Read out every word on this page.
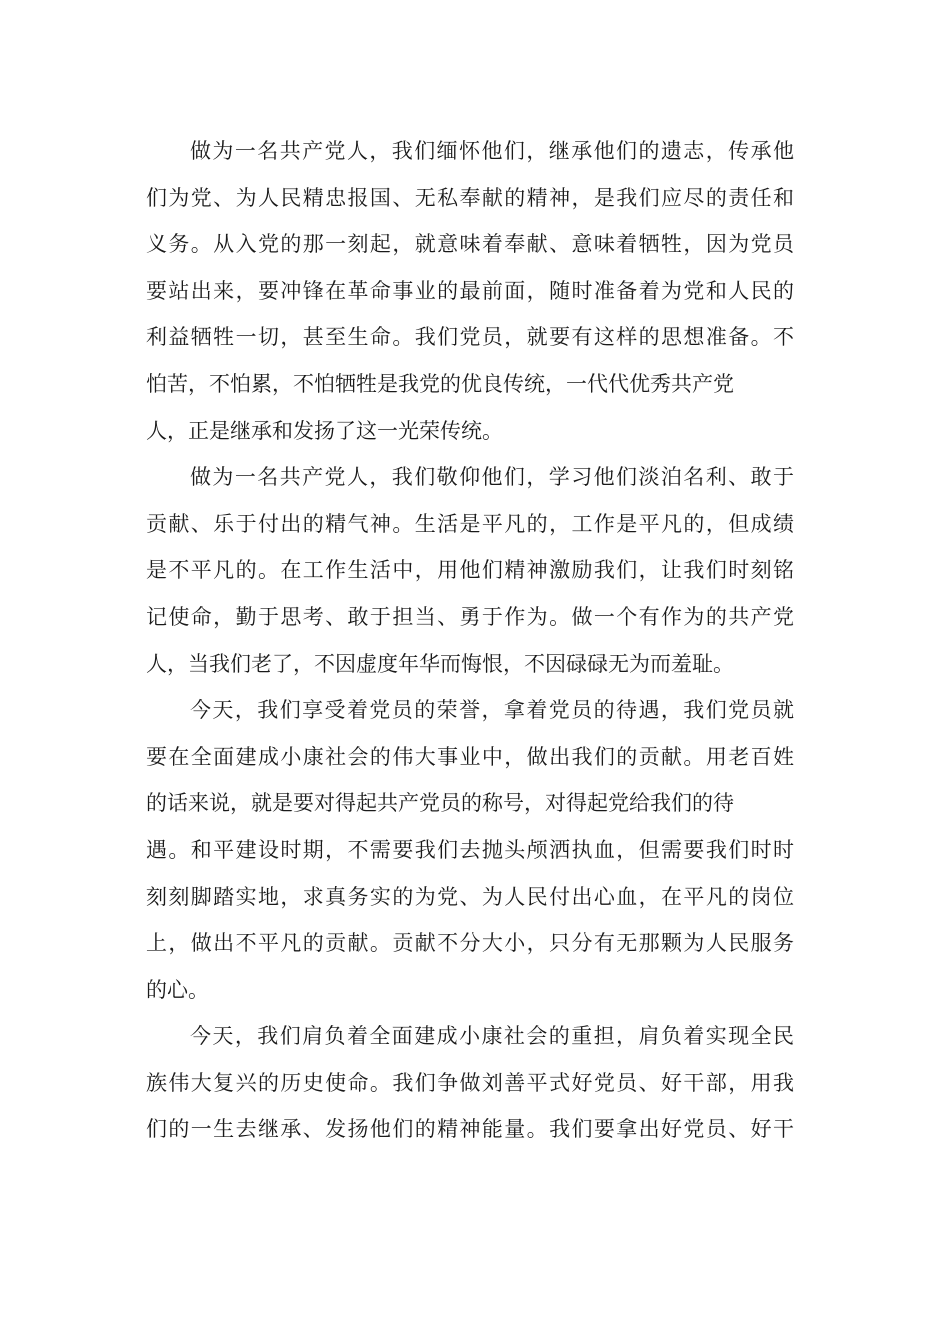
做为一名共产党人，我们缅怀他们，继承他们的遗志，传承他
们为党、为人民精忠报国、无私奉献的精神，是我们应尽的责任和
义务。从入党的那一刻起，就意味着奉献、意味着牺牲，因为党员
要站出来，要冲锋在革命事业的最前面，随时准备着为党和人民的
利益牺牲一切，甚至生命。我们党员，就要有这样的思想准备。不
怕苦，不怕累，不怕牺牲是我党的优良传统，一代代优秀共产党
人，正是继承和发扬了这一光荣传统。
做为一名共产党人，我们敬仰他们，学习他们淡泊名利、敢于
贡献、乐于付出的精气神。生活是平凡的，工作是平凡的，但成绩
是不平凡的。在工作生活中，用他们精神激励我们，让我们时刻铭
记使命，勤于思考、敢于担当、勇于作为。做一个有作为的共产党
人，当我们老了，不因虚度年华而悔恨，不因碌碌无为而羞耻。
今天，我们享受着党员的荣誉，拿着党员的待遇，我们党员就
要在全面建成小康社会的伟大事业中，做出我们的贡献。用老百姓
的话来说，就是要对得起共产党员的称号，对得起党给我们的待
遇。和平建设时期，不需要我们去抛头颅洒执血，但需要我们时时
刻刻脚踏实地，求真务实的为党、为人民付出心血，在平凡的岗位
上，做出不平凡的贡献。贡献不分大小，只分有无那颗为人民服务
的心。
今天，我们肩负着全面建成小康社会的重担，肩负着实现全民
族伟大复兴的历史使命。我们争做刘善平式好党员、好干部，用我
们的一生去继承、发扬他们的精神能量。我们要拿出好党员、好干
